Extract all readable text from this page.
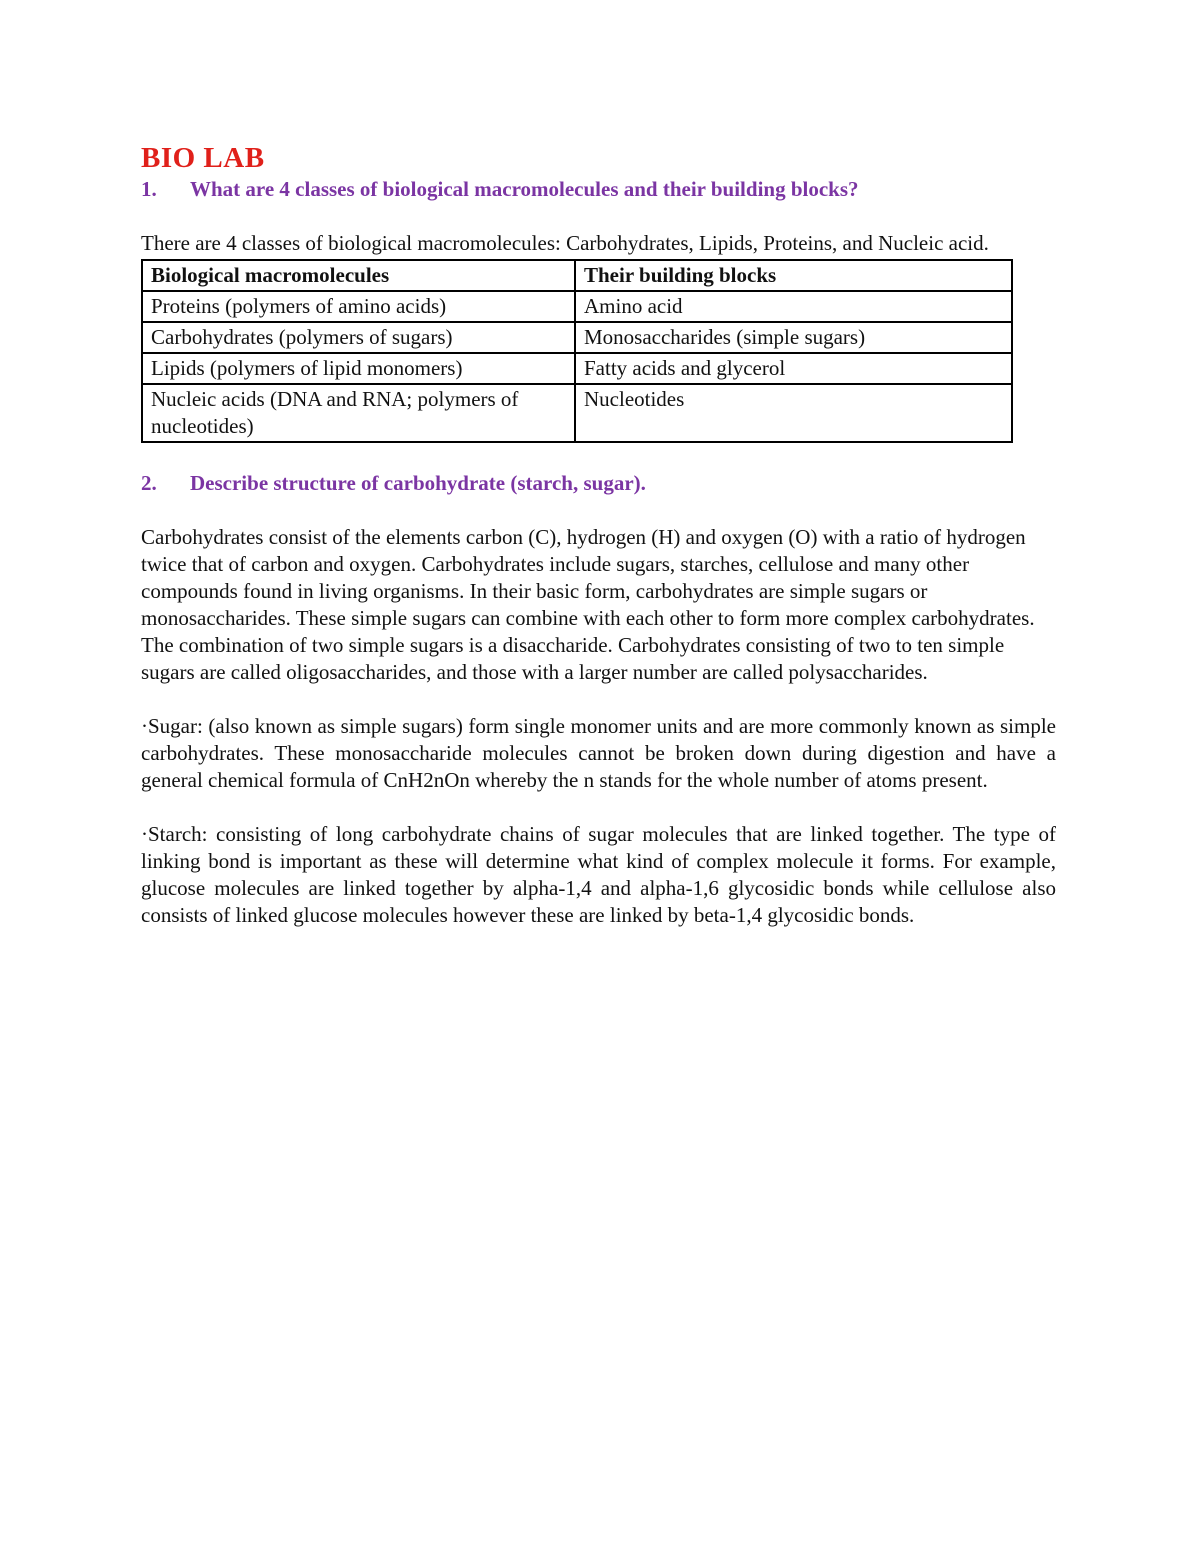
BIO LAB
1.	What are 4 classes of biological macromolecules and their building blocks?

There are 4 classes of biological macromolecules: Carbohydrates, Lipids, Proteins, and Nucleic acid.

Biological macromolecules	Their building blocks
Proteins (polymers of amino acids)	Amino acid
Carbohydrates (polymers of sugars)	Monosaccharides (simple sugars)
Lipids (polymers of lipid monomers)	Fatty acids and glycerol
Nucleic acids (DNA and RNA; polymers of nucleotides)	Nucleotides
2.	Describe structure of carbohydrate (starch, sugar).

Carbohydrates consist of the elements carbon (C), hydrogen (H) and oxygen (O) with a ratio of hydrogen twice that of carbon and oxygen. Carbohydrates include sugars, starches, cellulose and many other compounds found in living organisms. In their basic form, carbohydrates are simple sugars or monosaccharides. These simple sugars can combine with each other to form more complex carbohydrates. The combination of two simple sugars is a disaccharide. Carbohydrates consisting of two to ten simple sugars are called oligosaccharides, and those with a larger number are called polysaccharides.

·Sugar: (also known as simple sugars) form single monomer units and are more commonly known as simple carbohydrates. These monosaccharide molecules cannot be broken down during digestion and have a general chemical formula of CnH2nOn whereby the n stands for the whole number of atoms present.

·Starch: consisting of long carbohydrate chains of sugar molecules that are linked together. The type of linking bond is important as these will determine what kind of complex molecule it forms. For example, glucose molecules are linked together by alpha-1,4 and alpha-1,6 glycosidic bonds while cellulose also consists of linked glucose molecules however these are linked by beta-1,4 glycosidic bonds.
